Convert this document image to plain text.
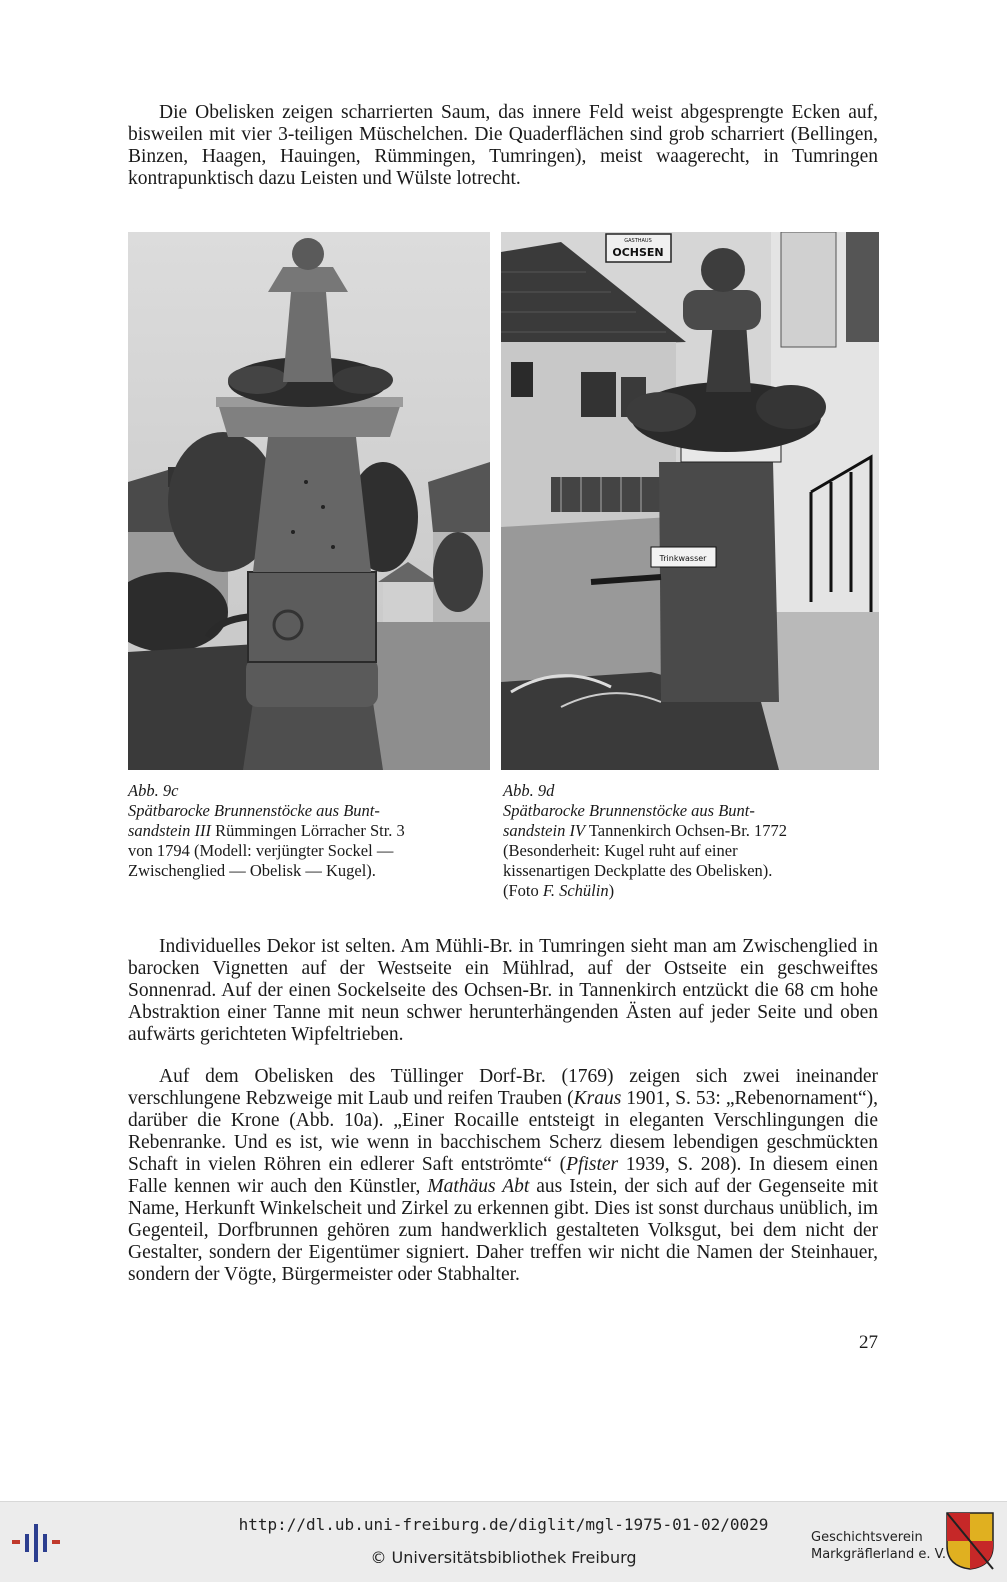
Die Obelisken zeigen scharrierten Saum, das innere Feld weist abgesprengte Ecken auf, bisweilen mit vier 3-teiligen Müschelchen. Die Quaderflächen sind grob scharriert (Bellingen, Binzen, Haagen, Hauingen, Rümmingen, Tumringen), meist waagerecht, in Tumringen kontrapunktisch dazu Leisten und Wülste lotrecht.

GASTHAUS
OCHSEN
Trinkwasser

Abb. 9c
Spätbarocke Brunnenstöcke aus Bunt-
sandstein III Rümmingen Lörracher Str. 3
von 1794 (Modell: verjüngter Sockel —
Zwischenglied — Obelisk — Kugel).

Abb. 9d
Spätbarocke Brunnenstöcke aus Bunt-
sandstein IV Tannenkirch Ochsen-Br. 1772
(Besonderheit: Kugel ruht auf einer
kissenartigen Deckplatte des Obelisken).
(Foto F. Schülin)

Individuelles Dekor ist selten. Am Mühli-Br. in Tumringen sieht man am Zwischenglied in barocken Vignetten auf der Westseite ein Mühlrad, auf der Ostseite ein geschweiftes Sonnenrad. Auf der einen Sockelseite des Ochsen-Br. in Tannenkirch entzückt die 68 cm hohe Abstraktion einer Tanne mit neun schwer herunterhängenden Ästen auf jeder Seite und oben aufwärts gerichteten Wipfeltrieben.

Auf dem Obelisken des Tüllinger Dorf-Br. (1769) zeigen sich zwei ineinander verschlungene Rebzweige mit Laub und reifen Trauben (Kraus 1901, S. 53: „Rebenornament“), darüber die Krone (Abb. 10a). „Einer Rocaille entsteigt in eleganten Verschlingungen die Rebenranke. Und es ist, wie wenn in bacchischem Scherz diesem lebendigen geschmückten Schaft in vielen Röhren ein edlerer Saft entströmte“ (Pfister 1939, S. 208). In diesem einen Falle kennen wir auch den Künstler, Mathäus Abt aus Istein, der sich auf der Gegenseite mit Name, Herkunft Winkelscheit und Zirkel zu erkennen gibt. Dies ist sonst durchaus unüblich, im Gegenteil, Dorfbrunnen gehören zum handwerklich gestalteten Volksgut, bei dem nicht der Gestalter, sondern der Eigentümer signiert. Daher treffen wir nicht die Namen der Steinhauer, sondern der Vögte, Bürgermeister oder Stabhalter.

27
http://dl.ub.uni-freiburg.de/diglit/mgl-1975-01-02/0029
© Universitätsbibliothek Freiburg
Geschichtsverein
Markgräflerland e. V.
